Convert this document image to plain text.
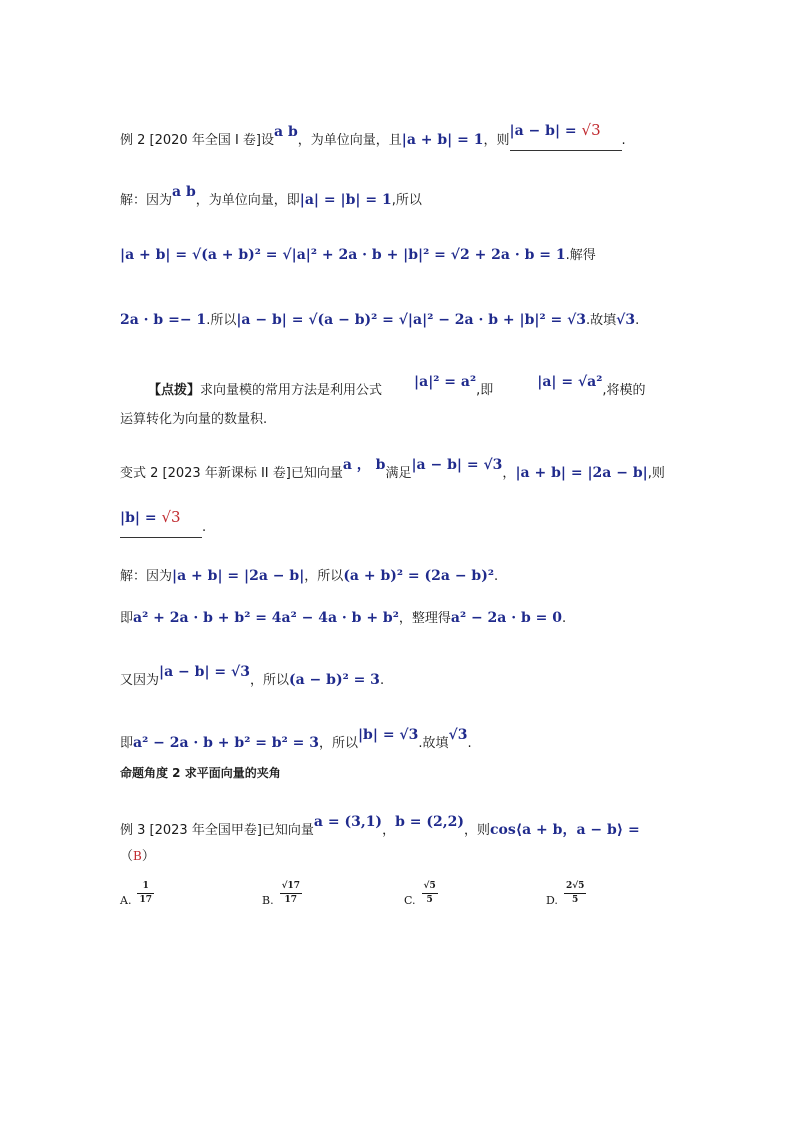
例 2 [2020 年全国 I 卷]设a b，为单位向量，且|a + b| = 1，则|a − b| = √3.
解：因为a b，为单位向量，即|a| = |b| = 1,所以
|a + b| = √(a + b)² = √|a|² + 2a · b + |b|² = √2 + 2a · b = 1.解得
2a · b =− 1.所以|a − b| = √(a − b)² = √|a|² − 2a · b + |b|² = √3.故填√3.
【点拨】求向量模的常用方法是利用公式|a|² = a²,即|a| = √a²,将模的
运算转化为向量的数量积.
变式 2 [2023 年新课标 II 卷]已知向量a ， b满足|a − b| = √3，|a + b| = |2a − b|,则
|b| = √3.
解：因为|a + b| = |2a − b|，所以(a + b)² = (2a − b)².
即a² + 2a · b + b² = 4a² − 4a · b + b²，整理得a² − 2a · b = 0.
又因为|a − b| = √3，所以(a − b)² = 3.
即a² − 2a · b + b² = b² = 3，所以|b| = √3.故填√3.
命题角度 2 求平面向量的夹角
例 3 [2023 年全国甲卷]已知向量a = (3,1)，b = (2,2)，则cos⟨a + b，a − b⟩ =
（B）
A. $\frac{1}{17}$	B. $\frac{√17}{17}$	C. $\frac{√5}{5}$	D. $\frac{2√5}{5}$
